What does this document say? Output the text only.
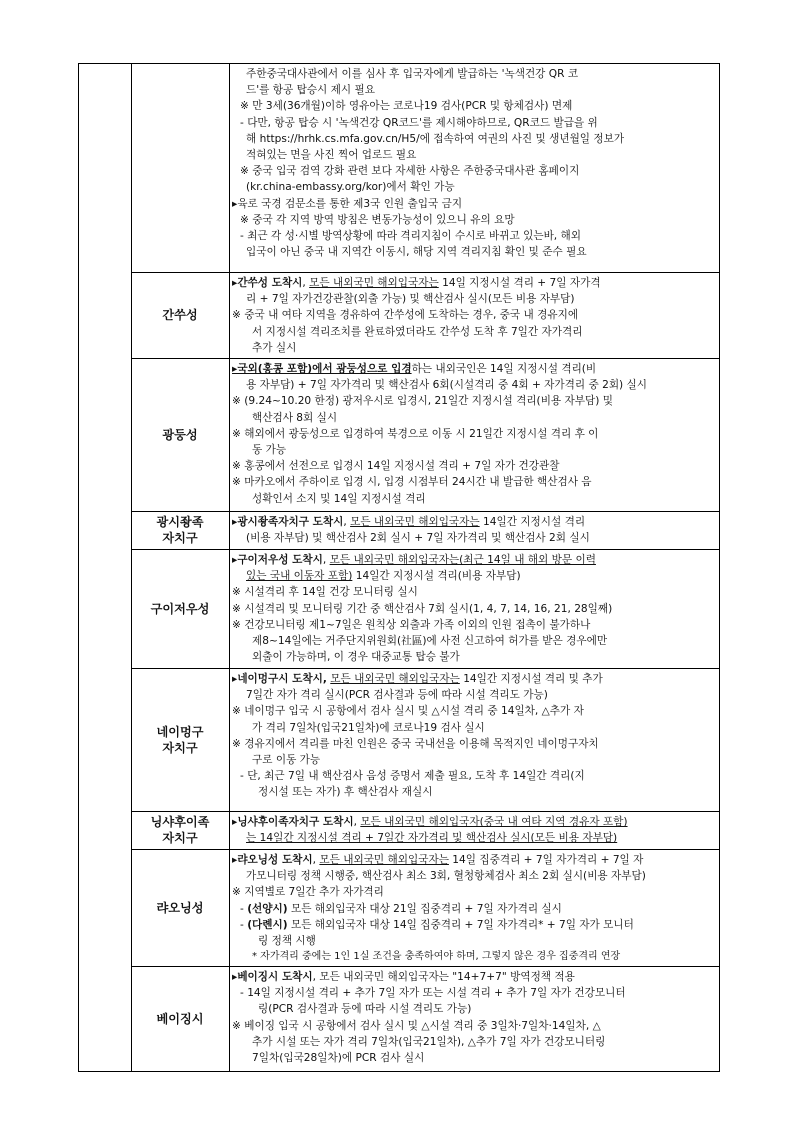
주한중국대사관에서 이를 심사 후 입국자에게 발급하는 '녹색건강 QR 코
드'를 항공 탑승시 제시 필요
※ 만 3세(36개월)이하 영유아는 코로나19 검사(PCR 및 항체검사) 면제
- 다만, 항공 탑승 시 '녹색건강 QR코드'를 제시해야하므로, QR코드 발급을 위
해 https://hrhk.cs.mfa.gov.cn/H5/에 접속하여 여권의 사진 및 생년월일 정보가
적혀있는 면을 사진 찍어 업로드 필요
※ 중국 입국 검역 강화 관련 보다 자세한 사항은 주한중국대사관 홈페이지
(kr.china-embassy.org/kor)에서 확인 가능
▸육로 국경 검문소를 통한 제3국 인원 출입국 금지
※ 중국 각 지역 방역 방침은 변동가능성이 있으니 유의 요망
- 최근 각 성·시별 방역상황에 따라 격리지침이 수시로 바뀌고 있는바, 해외
입국이 아닌 중국 내 지역간 이동시, 해당 지역 격리지침 확인 및 준수 필요
간쑤성
▸간쑤성 도착시, 모든 내외국민 해외입국자는 14일 지정시설 격리 + 7일 자가격
리 + 7일 자가건강관찰(외출 가능) 및 핵산검사 실시(모든 비용 자부담)
※ 중국 내 여타 지역을 경유하여 간쑤성에 도착하는 경우, 중국 내 경유지에
서 지정시설 격리조치를 완료하였더라도 간쑤성 도착 후 7일간 자가격리
추가 실시
광둥성
▸국외(홍콩 포함)에서 광둥성으로 입경하는 내외국인은 14일 지정시설 격리(비
용 자부담) + 7일 자가격리 및 핵산검사 6회(시설격리 중 4회 + 자가격리 중 2회) 실시
※ (9.24~10.20 한정) 광저우시로 입경시, 21일간 지정시설 격리(비용 자부담) 및
핵산검사 8회 실시
※ 해외에서 광둥성으로 입경하여 북경으로 이동 시 21일간 지정시설 격리 후 이
동 가능
※ 홍콩에서 선전으로 입경시 14일 지정시설 격리 + 7일 자가 건강관찰
※ 마카오에서 주하이로 입경 시, 입경 시점부터 24시간 내 발급한 핵산검사 음
성확인서 소지 및 14일 지정시설 격리
광시좡족
자치구
▸광시좡족자치구 도착시, 모든 내외국민 해외입국자는 14일간 지정시설 격리
(비용 자부담) 및 핵산검사 2회 실시 + 7일 자가격리 및 핵산검사 2회 실시
구이저우성
▸구이저우성 도착시, 모든 내외국민 해외입국자는(최근 14일 내 해외 방문 이력
있는 국내 이동자 포함) 14일간 지정시설 격리(비용 자부담)
※ 시설격리 후 14일 건강 모니터링 실시
※ 시설격리 및 모니터링 기간 중 핵산검사 7회 실시(1, 4, 7, 14, 16, 21, 28일째)
※ 건강모니터링 제1~7일은 원칙상 외출과 가족 이외의 인원 접촉이 불가하나
제8~14일에는 거주단지위원회(社區)에 사전 신고하여 허가를 받은 경우에만
외출이 가능하며, 이 경우 대중교통 탑승 불가
네이멍구
자치구
▸네이멍구시 도착시, 모든 내외국민 해외입국자는 14일간 지정시설 격리 및 추가
7일간 자가 격리 실시(PCR 검사결과 등에 따라 시설 격리도 가능)
※ 네이멍구 입국 시 공항에서 검사 실시 및 △시설 격리 중 14일차, △추가 자
가 격리 7일차(입국21일차)에 코로나19 검사 실시
※ 경유지에서 격리를 마친 인원은 중국 국내선을 이용해 목적지인 네이멍구자치
구로 이동 가능
- 단, 최근 7일 내 핵산검사 음성 증명서 제출 필요, 도착 후 14일간 격리(지
정시설 또는 자가) 후 핵산검사 재실시
닝샤후이족
자치구
▸닝샤후이족자치구 도착시, 모든 내외국민 해외입국자(중국 내 여타 지역 경유자 포함)
는 14일간 지정시설 격리 + 7일간 자가격리 및 핵산검사 실시(모든 비용 자부담)
랴오닝성
▸랴오닝성 도착시, 모든 내외국민 해외입국자는 14일 집중격리 + 7일 자가격리 + 7일 자
가모니터링 정책 시행중, 핵산검사 최소 3회, 혈청항체검사 최소 2회 실시(비용 자부담)
※ 지역별로 7일간 추가 자가격리
- (선양시) 모든 해외입국자 대상 21일 집중격리 + 7일 자가격리 실시
- (다롄시) 모든 해외입국자 대상 14일 집중격리 + 7일 자가격리* + 7일 자가 모니터
링 정책 시행
* 자가격리 중에는 1인 1실 조건을 충족하여야 하며, 그렇지 않은 경우 집중격리 연장
베이징시
▸베이징시 도착시, 모든 내외국민 해외입국자는 "14+7+7" 방역정책 적용
- 14일 지정시설 격리 + 추가 7일 자가 또는 시설 격리 + 추가 7일 자가 건강모니터
링(PCR 검사결과 등에 따라 시설 격리도 가능)
※ 베이징 입국 시 공항에서 검사 실시 및 △시설 격리 중 3일차·7일차·14일차, △
추가 시설 또는 자가 격리 7일차(입국21일차), △추가 7일 자가 건강모니터링
7일차(입국28일차)에 PCR 검사 실시
